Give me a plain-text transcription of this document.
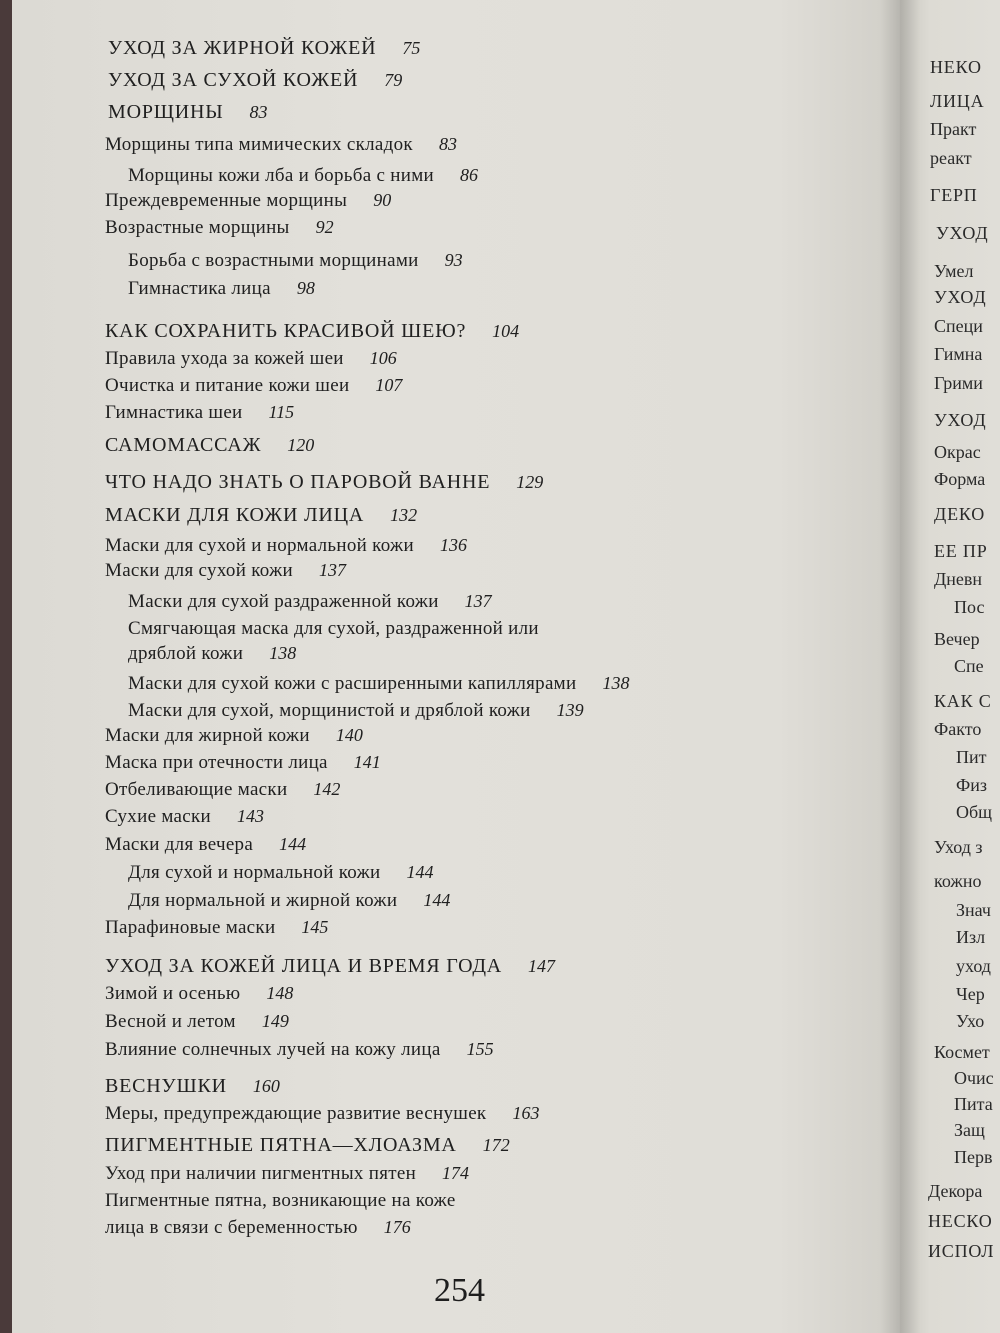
УХОД ЗА ЖИРНОЙ КОЖЕЙ 75
УХОД ЗА СУХОЙ КОЖЕЙ 79
МОРЩИНЫ 83
Морщины типа мимических складок 83
Морщины кожи лба и борьба с ними 86
Преждевременные морщины 90
Возрастные морщины 92
Борьба с возрастными морщинами 93
Гимнастика лица 98
КАК СОХРАНИТЬ КРАСИВОЙ ШЕЮ? 104
Правила ухода за кожей шеи 106
Очистка и питание кожи шеи 107
Гимнастика шеи 115
САМОМАССАЖ 120
ЧТО НАДО ЗНАТЬ О ПАРОВОЙ ВАННЕ 129
МАСКИ ДЛЯ КОЖИ ЛИЦА 132
Маски для сухой и нормальной кожи 136
Маски для сухой кожи 137
Маски для сухой раздраженной кожи 137
Смягчающая маска для сухой, раздраженной или
дряблой кожи 138
Маски для сухой кожи с расширенными капиллярами 138
Маски для сухой, морщинистой и дряблой кожи 139
Маски для жирной кожи 140
Маска при отечности лица 141
Отбеливающие маски 142
Сухие маски 143
Маски для вечера 144
Для сухой и нормальной кожи 144
Для нормальной и жирной кожи 144
Парафиновые маски 145
УХОД ЗА КОЖЕЙ ЛИЦА И ВРЕМЯ ГОДА 147
Зимой и осенью 148
Весной и летом 149
Влияние солнечных лучей на кожу лица 155
ВЕСНУШКИ 160
Меры, предупреждающие развитие веснушек 163
ПИГМЕНТНЫЕ ПЯТНА—ХЛОАЗМА 172
Уход при наличии пигментных пятен 174
Пигментные пятна, возникающие на коже
лица в связи с беременностью 176
НЕКО
ЛИЦА
Практ
реакт
ГЕРП
УХОД
Умел
УХОД
Специ
Гимна
Грими
УХОД
Окрас
Форма
ДЕКО
ЕЕ ПР
Дневн
Пос
Вечер
Спе
КАК С
Факто
Пит
Физ
Общ
Уход з
кожно
Знач
Изл
уход
Чер
Ухо
Космет
Очис
Пита
Защ
Перв
Декора
НЕСКО
ИСПОЛ
254
